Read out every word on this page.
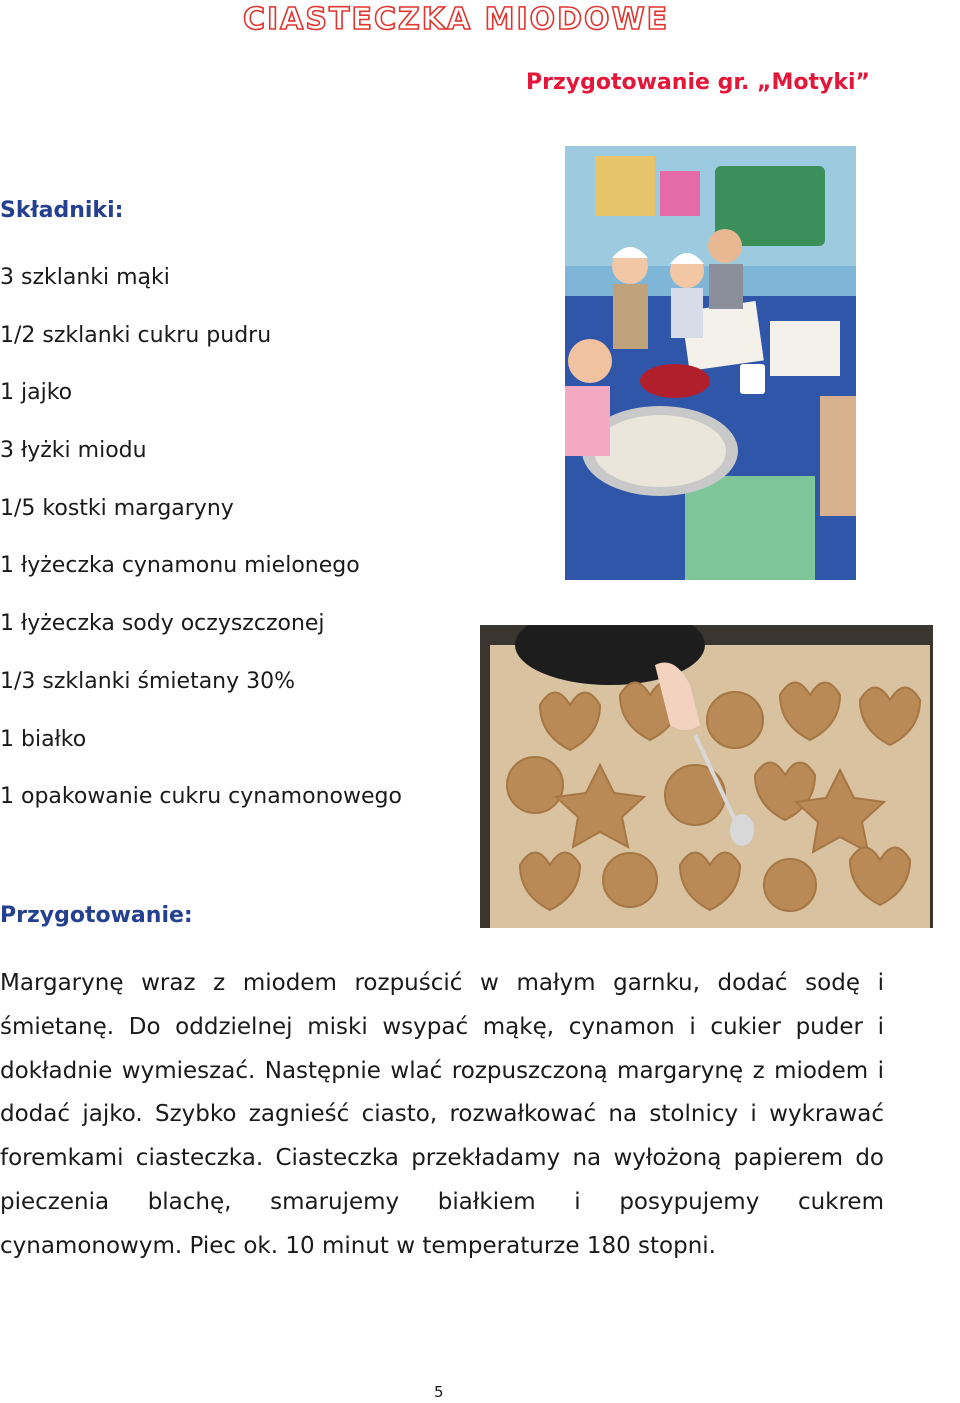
CIASTECZKA MIODOWE
Przygotowanie gr. „Motyki”
Składniki:
3 szklanki mąki
1/2 szklanki cukru pudru
1 jajko
3 łyżki miodu
1/5 kostki margaryny
1 łyżeczka cynamonu mielonego
1 łyżeczka sody oczyszczonej
1/3 szklanki śmietany 30%
1 białko
1 opakowanie cukru cynamonowego
Przygotowanie:

Margarynę wraz z miodem rozpuścić w małym garnku, dodać sodę i śmietanę. Do oddzielnej miski wsypać mąkę, cynamon i cukier puder i dokładnie wymieszać. Następnie wlać rozpuszczoną margarynę z miodem i dodać jajko. Szybko zagnieść ciasto, rozwałkować na stolnicy i wykrawać foremkami ciasteczka. Ciasteczka przekładamy na wyłożoną papierem do pieczenia blachę, smarujemy białkiem i posypujemy cukrem cynamonowym. Piec ok. 10 minut w temperaturze 180 stopni.

5
